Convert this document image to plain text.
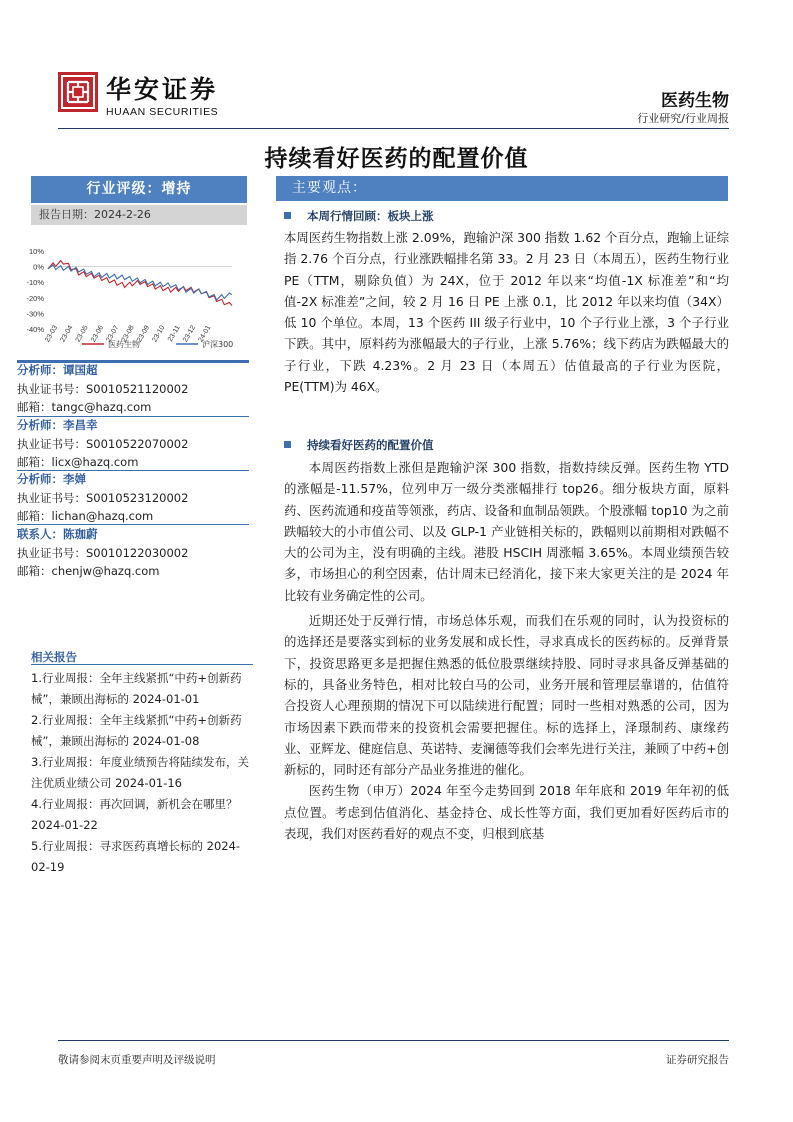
华安证券
HUAAN SECURITIES
医药生物
行业研究/行业周报
持续看好医药的配置价值
行业评级：增持
报告日期：2024-2-26
10%
0%
-10%
-20%
-30%
-40% 23-03 23-04 23-05 23-06 23-07 23-08 23-09 23-10 23-11 23-12 24-01
医药生物	沪深300
分析师：谭国超
执业证书号：S0010521120002
邮箱：tangc@hazq.com
分析师：李昌幸
执业证书号：S0010522070002
邮箱：licx@hazq.com
分析师：李婵
执业证书号：S0010523120002
邮箱：lichan@hazq.com
联系人：陈珈蔚
执业证书号：S0010122030002
邮箱：chenjw@hazq.com
相关报告

1.行业周报：全年主线紧抓“中药+创新药械”，兼顾出海标的 2024-01-01

2.行业周报：全年主线紧抓“中药+创新药械”，兼顾出海标的 2024-01-08

3.行业周报：年度业绩预告将陆续发布，关注优质业绩公司 2024-01-16

4.行业周报：再次回调，新机会在哪里？2024-01-22

5.行业周报：寻求医药真增长标的 2024-02-19

主要观点：
本周行情回顾：板块上涨

本周医药生物指数上涨 2.09%，跑输沪深 300 指数 1.62 个百分点，跑输上证综指 2.76 个百分点，行业涨跌幅排名第 33。2 月 23 日（本周五），医药生物行业 PE（TTM，剔除负值）为 24X，位于 2012 年以来“均值-1X 标准差”和“均值-2X 标准差”之间，较 2 月 16 日 PE 上涨 0.1，比 2012 年以来均值（34X）低 10 个单位。本周，13 个医药 III 级子行业中，10 个子行业上涨，3 个子行业下跌。其中，原料药为涨幅最大的子行业，上涨 5.76%；线下药店为跌幅最大的子行业，下跌 4.23%。2 月 23 日（本周五）估值最高的子行业为医院，PE(TTM)为 46X。

持续看好医药的配置价值

本周医药指数上涨但是跑输沪深 300 指数，指数持续反弹。医药生物 YTD 的涨幅是-11.57%，位列申万一级分类涨幅排行 top26。细分板块方面，原料药、医药流通和疫苗等领涨，药店、设备和血制品领跌。个股涨幅 top10 为之前跌幅较大的小市值公司、以及 GLP-1 产业链相关标的，跌幅则以前期相对跌幅不大的公司为主，没有明确的主线。港股 HSCIH 周涨幅 3.65%。本周业绩预告较多，市场担心的利空因素，估计周末已经消化，接下来大家更关注的是 2024 年比较有业务确定性的公司。

近期还处于反弹行情，市场总体乐观，而我们在乐观的同时，认为投资标的的选择还是要落实到标的业务发展和成长性，寻求真成长的医药标的。反弹背景下，投资思路更多是把握住熟悉的低位股票继续持股、同时寻求具备反弹基础的标的，具备业务特色，相对比较白马的公司，业务开展和管理层靠谱的，估值符合投资人心理预期的情况下可以陆续进行配置；同时一些相对熟悉的公司，因为市场因素下跌而带来的投资机会需要把握住。标的选择上，泽璟制药、康缘药业、亚辉龙、健庭信息、英诺特、麦澜德等我们会率先进行关注，兼顾了中药+创新标的，同时还有部分产品业务推进的催化。

医药生物（申万）2024 年至今走势回到 2018 年年底和 2019 年年初的低点位置。考虑到估值消化、基金持仓、成长性等方面，我们更加看好医药后市的表现，我们对医药看好的观点不变，归根到底基

敬请参阅末页重要声明及评级说明	证券研究报告
